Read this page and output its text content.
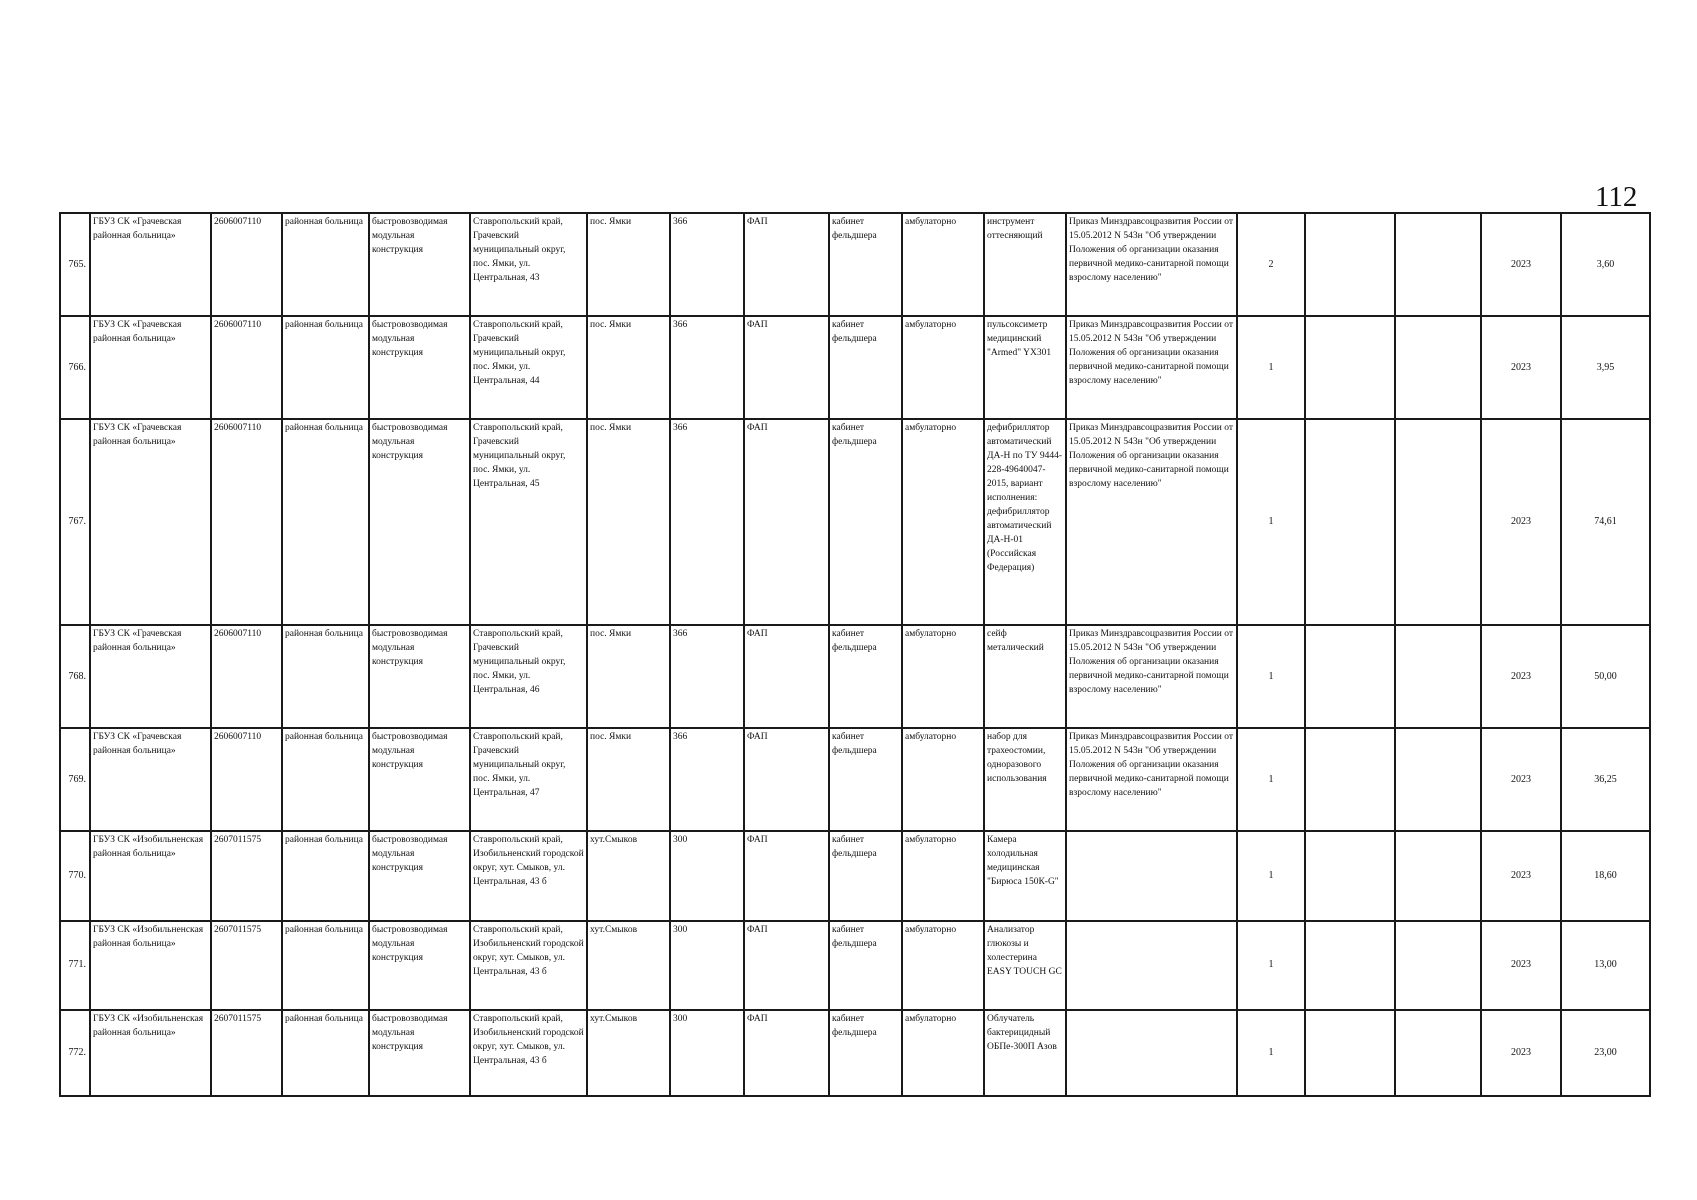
112
765.	ГБУЗ СК «Грачевская районная больница»	2606007110	районная больница	быстровозводимая модульная конструкция	Ставропольский край, Грачевский муниципальный округ, пос. Ямки, ул. Центральная, 43	пос. Ямки	366	ФАП	кабинет фельдшера	амбулаторно	инструмент оттесняющий	Приказ Минздравсоцразвития России от 15.05.2012 N 543н "Об утверждении Положения об организации оказания первичной медико-санитарной помощи взрослому населению"	2			2023	3,60
766.	ГБУЗ СК «Грачевская районная больница»	2606007110	районная больница	быстровозводимая модульная конструкция	Ставропольский край, Грачевский муниципальный округ, пос. Ямки, ул. Центральная, 44	пос. Ямки	366	ФАП	кабинет фельдшера	амбулаторно	пульсоксиметр медицинский "Armed" YX301	Приказ Минздравсоцразвития России от 15.05.2012 N 543н "Об утверждении Положения об организации оказания первичной медико-санитарной помощи взрослому населению"	1			2023	3,95
767.	ГБУЗ СК «Грачевская районная больница»	2606007110	районная больница	быстровозводимая модульная конструкция	Ставропольский край, Грачевский муниципальный округ, пос. Ямки, ул. Центральная, 45	пос. Ямки	366	ФАП	кабинет фельдшера	амбулаторно	дефибриллятор автоматический ДА-Н по ТУ 9444-228-49640047-2015, вариант исполнения: дефибриллятор автоматический ДА-Н-01 (Российская Федерация)	Приказ Минздравсоцразвития России от 15.05.2012 N 543н "Об утверждении Положения об организации оказания первичной медико-санитарной помощи взрослому населению"	1			2023	74,61
768.	ГБУЗ СК «Грачевская районная больница»	2606007110	районная больница	быстровозводимая модульная конструкция	Ставропольский край, Грачевский муниципальный округ, пос. Ямки, ул. Центральная, 46	пос. Ямки	366	ФАП	кабинет фельдшера	амбулаторно	сейф металический	Приказ Минздравсоцразвития России от 15.05.2012 N 543н "Об утверждении Положения об организации оказания первичной медико-санитарной помощи взрослому населению"	1			2023	50,00
769.	ГБУЗ СК «Грачевская районная больница»	2606007110	районная больница	быстровозводимая модульная конструкция	Ставропольский край, Грачевский муниципальный округ, пос. Ямки, ул. Центральная, 47	пос. Ямки	366	ФАП	кабинет фельдшера	амбулаторно	набор для трахеостомии, одноразового использования	Приказ Минздравсоцразвития России от 15.05.2012 N 543н "Об утверждении Положения об организации оказания первичной медико-санитарной помощи взрослому населению"	1			2023	36,25
770.	ГБУЗ СК «Изобильненская районная больница»	2607011575	районная больница	быстровозводимая модульная конструкция	Ставропольский край, Изобильненский городской округ, хут. Смыков, ул. Центральная, 43 б	хут.Смыков	300	ФАП	кабинет фельдшера	амбулаторно	Камера холодильная медицинская "Бирюса 150К-G"		1			2023	18,60
771.	ГБУЗ СК «Изобильненская районная больница»	2607011575	районная больница	быстровозводимая модульная конструкция	Ставропольский край, Изобильненский городской округ, хут. Смыков, ул. Центральная, 43 б	хут.Смыков	300	ФАП	кабинет фельдшера	амбулаторно	Анализатор глюкозы и холестерина EASY TOUCH GC		1			2023	13,00
772.	ГБУЗ СК «Изобильненская районная больница»	2607011575	районная больница	быстровозводимая модульная конструкция	Ставропольский край, Изобильненский городской округ, хут. Смыков, ул. Центральная, 43 б	хут.Смыков	300	ФАП	кабинет фельдшера	амбулаторно	Облучатель бактерицидный ОБПе-300П Азов		1			2023	23,00
